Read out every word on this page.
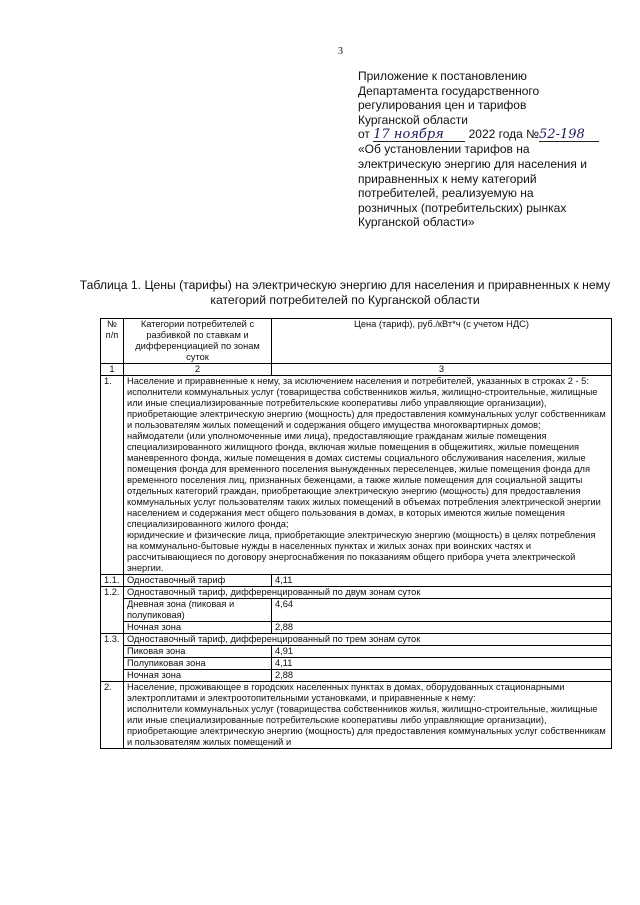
3
Приложение к постановлению
Департамента государственного
регулирования цен и тарифов
Курганской области
от 17 ноября 2022 года №52-198
«Об установлении тарифов на
электрическую энергию для населения и
приравненных к нему категорий
потребителей, реализуемую на
розничных (потребительских) рынках
Курганской области»
Таблица 1. Цены (тарифы) на электрическую энергию для населения и приравненных к нему категорий потребителей по Курганской области
№ п/п	Категории потребителей с разбивкой по ставкам и дифференциацией по зонам суток	Цена (тариф), руб./кВт*ч (с учетом НДС)
1	2	3
1.	Население и приравненные к нему, за исключением населения и потребителей, указанных в строках 2 - 5:

исполнители коммунальных услуг (товарищества собственников жилья, жилищно-строительные, жилищные или иные специализированные потребительские кооперативы либо управляющие организации), приобретающие электрическую энергию (мощность) для предоставления коммунальных услуг собственникам и пользователям жилых помещений и содержания общего имущества многоквартирных домов;

наймодатели (или уполномоченные ими лица), предоставляющие гражданам жилые помещения специализированного жилищного фонда, включая жилые помещения в общежитиях, жилые помещения маневренного фонда, жилые помещения в домах системы социального обслуживания населения, жилые помещения фонда для временного поселения вынужденных переселенцев, жилые помещения фонда для временного поселения лиц, признанных беженцами, а также жилые помещения для социальной защиты отдельных категорий граждан, приобретающие электрическую энергию (мощность) для предоставления коммунальных услуг пользователям таких жилых помещений в объемах потребления электрической энергии населением и содержания мест общего пользования в домах, в которых имеются жилые помещения специализированного жилого фонда;

юридические и физические лица, приобретающие электрическую энергию (мощность) в целях потребления на коммунально-бытовые нужды в населенных пунктах и жилых зонах при воинских частях и рассчитывающиеся по договору энергоснабжения по показаниям общего прибора учета электрической энергии.	

1.1.	Одноставочный тариф	4,11
1.2.	Одноставочный тариф, дифференцированный по двум зонам суток	
	Дневная зона (пиковая и полупиковая)	4,64
	Ночная зона	2,88
1.3.	Одноставочный тариф, дифференцированный по трем зонам суток	
	Пиковая зона	4,91
	Полупиковая зона	4,11
	Ночная зона	2,88
2.	Население, проживающее в городских населенных пунктах в домах, оборудованных стационарными электроплитами и электроотопительными установками, и приравненные к нему:

исполнители коммунальных услуг (товарищества собственников жилья, жилищно-строительные, жилищные или иные специализированные потребительские кооперативы либо управляющие организации), приобретающие электрическую энергию (мощность) для предоставления коммунальных услуг собственникам и пользователям жилых помещений и	
